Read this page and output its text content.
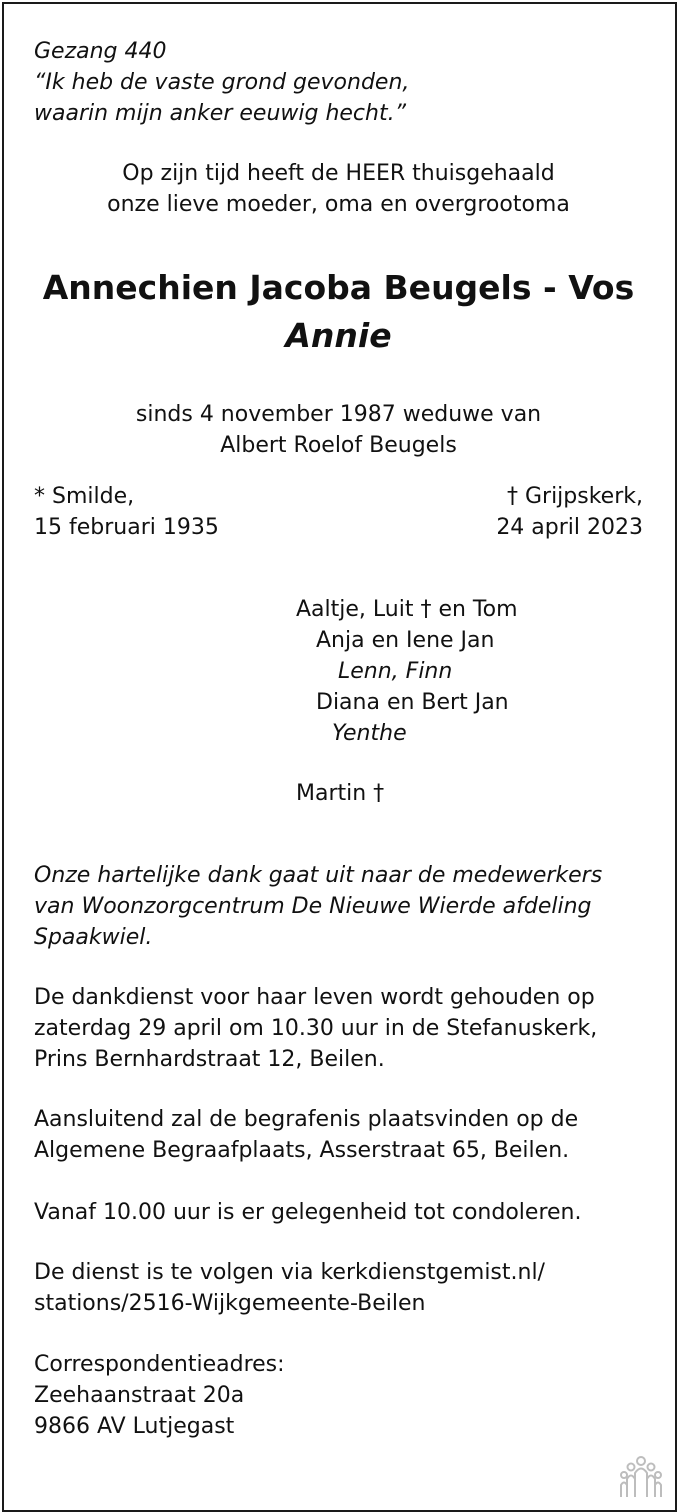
Gezang 440
“Ik heb de vaste grond gevonden,
waarin mijn anker eeuwig hecht.”
Op zijn tijd heeft de HEER thuisgehaald
onze lieve moeder, oma en overgrootoma
Annechien Jacoba Beugels - Vos
Annie
sinds 4 november 1987 weduwe van
Albert Roelof Beugels
* Smilde,
15 februari 1935
† Grijpskerk,
24 april 2023
Aaltje, Luit † en Tom
Anja en Iene Jan
Lenn, Finn
Diana en Bert Jan
Yenthe
Martin †
Onze hartelijke dank gaat uit naar de medewerkers
van Woonzorgcentrum De Nieuwe Wierde afdeling
Spaakwiel.
De dankdienst voor haar leven wordt gehouden op
zaterdag 29 april om 10.30 uur in de Stefanuskerk,
Prins Bernhardstraat 12, Beilen.
Aansluitend zal de begrafenis plaatsvinden op de
Algemene Begraafplaats, Asserstraat 65, Beilen.
Vanaf 10.00 uur is er gelegenheid tot condoleren.
De dienst is te volgen via kerkdienstgemist.nl/
stations/2516-Wijkgemeente-Beilen
Correspondentieadres:
Zeehaanstraat 20a
9866 AV Lutjegast
